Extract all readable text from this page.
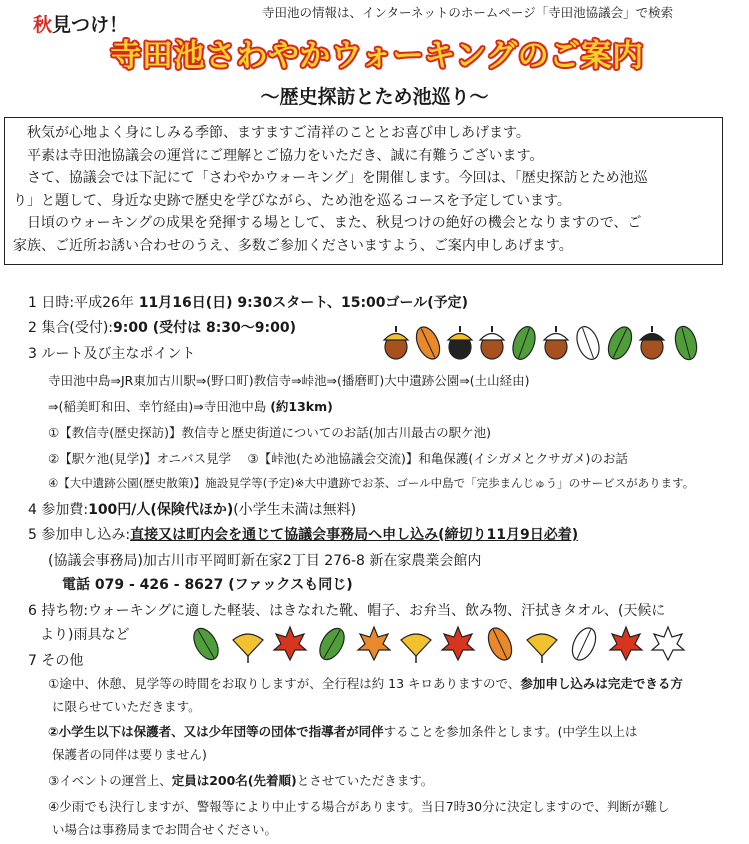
寺田池の情報は、インターネットのホームページ「寺田池協議会」で検索
秋見つけ！
寺田池さわやかウォーキングのご案内
〜歴史探訪とため池巡り〜

　秋気が心地よく身にしみる季節、ますますご清祥のこととお喜び申しあげます。

　平素は寺田池協議会の運営にご理解とご協力をいただき、誠に有難うございます。

　さて、協議会では下記にて「さわやかウォーキング」を開催します。今回は、「歴史探訪とため池巡

り」と題して、身近な史跡で歴史を学びながら、ため池を巡るコースを予定しています。

　日頃のウォーキングの成果を発揮する場として、また、秋見つけの絶好の機会となりますので、ご

家族、ご近所お誘い合わせのうえ、多数ご参加くださいますよう、ご案内申しあげます。

1 日時:平成26年 11月16日(日) 9:30スタート、15:00ゴール(予定)
2 集合(受付):9:00 (受付は 8:30〜9:00)
3 ルート及び主なポイント
寺田池中島⇒JR東加古川駅⇒(野口町)教信寺⇒峠池⇒(播磨町)大中遺跡公園⇒(土山経由)
⇒(稲美町和田、幸竹経由)⇒寺田池中島 (約13km)
①【教信寺(歴史探訪)】教信寺と歴史街道についてのお話(加古川最古の駅ケ池)
②【駅ケ池(見学)】オニバス見学　 ③【峠池(ため池協議会交流)】和亀保護(イシガメとクサガメ)のお話
④【大中遺跡公園(歴史散策)】施設見学等(予定)※大中遺跡でお茶、ゴール中島で「完歩まんじゅう」のサービスがあります。
4 参加費:100円/人(保険代ほか)(小学生未満は無料)
5 参加申し込み:直接又は町内会を通じて協議会事務局へ申し込み(締切り11月9日必着)
(協議会事務局)加古川市平岡町新在家2丁目 276-8 新在家農業会館内
電話 079 - 426 - 8627 (ファックスも同じ)
6 持ち物:ウォーキングに適した軽装、はきなれた靴、帽子、お弁当、飲み物、汗拭きタオル、(天候に
より)雨具など
7 その他
①途中、休憩、見学等の時間をお取りしますが、全行程は約 13 キロありますので、参加申し込みは完走できる方
に限らせていただきます。
②小学生以下は保護者、又は少年団等の団体で指導者が同伴することを参加条件とします。(中学生以上は
保護者の同伴は要りません)
③イベントの運営上、定員は200名(先着順)とさせていただきます。
④少雨でも決行しますが、警報等により中止する場合があります。当日7時30分に決定しますので、判断が難し
い場合は事務局までお問合せください。
